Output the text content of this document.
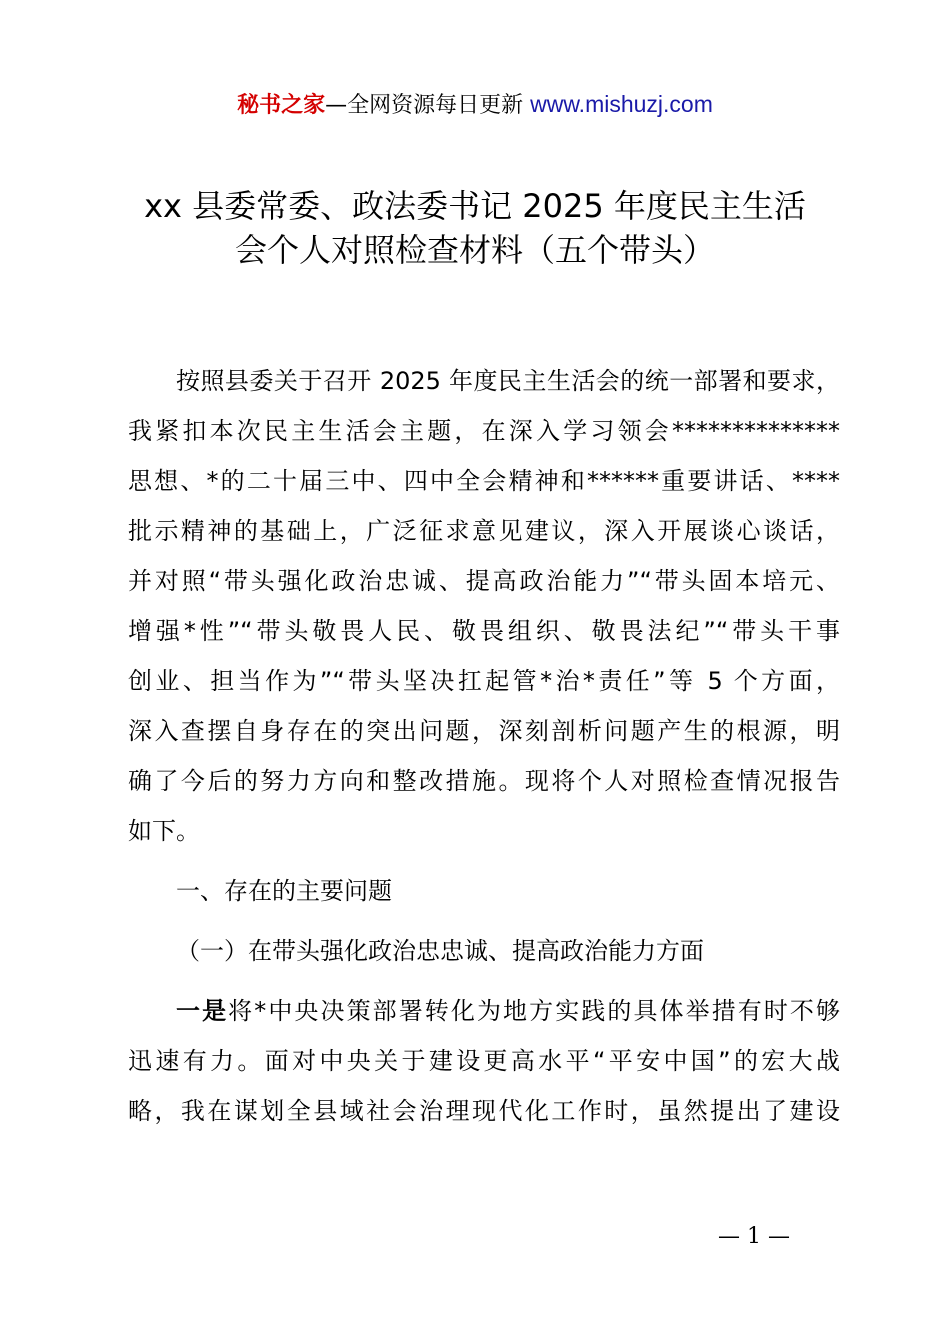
秘书之家—全网资源每日更新 www.mishuzj.com
xx 县委常委、政法委书记 2025 年度民主生活
会个人对照检查材料（五个带头）
按照县委关于召开 2025 年度民主生活会的统一部署和要求，
我紧扣本次民主生活会主题，在深入学习领会**************
思想、*的二十届三中、四中全会精神和******重要讲话、****
批示精神的基础上，广泛征求意见建议，深入开展谈心谈话，
并对照“带头强化政治忠诚、提高政治能力”“带头固本培元、
增强*性”“带头敬畏人民、敬畏组织、敬畏法纪”“带头干事
创业、担当作为”“带头坚决扛起管*治*责任”等 5 个方面，
深入查摆自身存在的突出问题，深刻剖析问题产生的根源，明
确了今后的努力方向和整改措施。现将个人对照检查情况报告
如下。
一、存在的主要问题
（一）在带头强化政治忠忠诚、提高政治能力方面
一是将*中央决策部署转化为地方实践的具体举措有时不够
迅速有力。面对中央关于建设更高水平“平安中国”的宏大战
略，我在谋划全县域社会治理现代化工作时，虽然提出了建设
— 1 —
